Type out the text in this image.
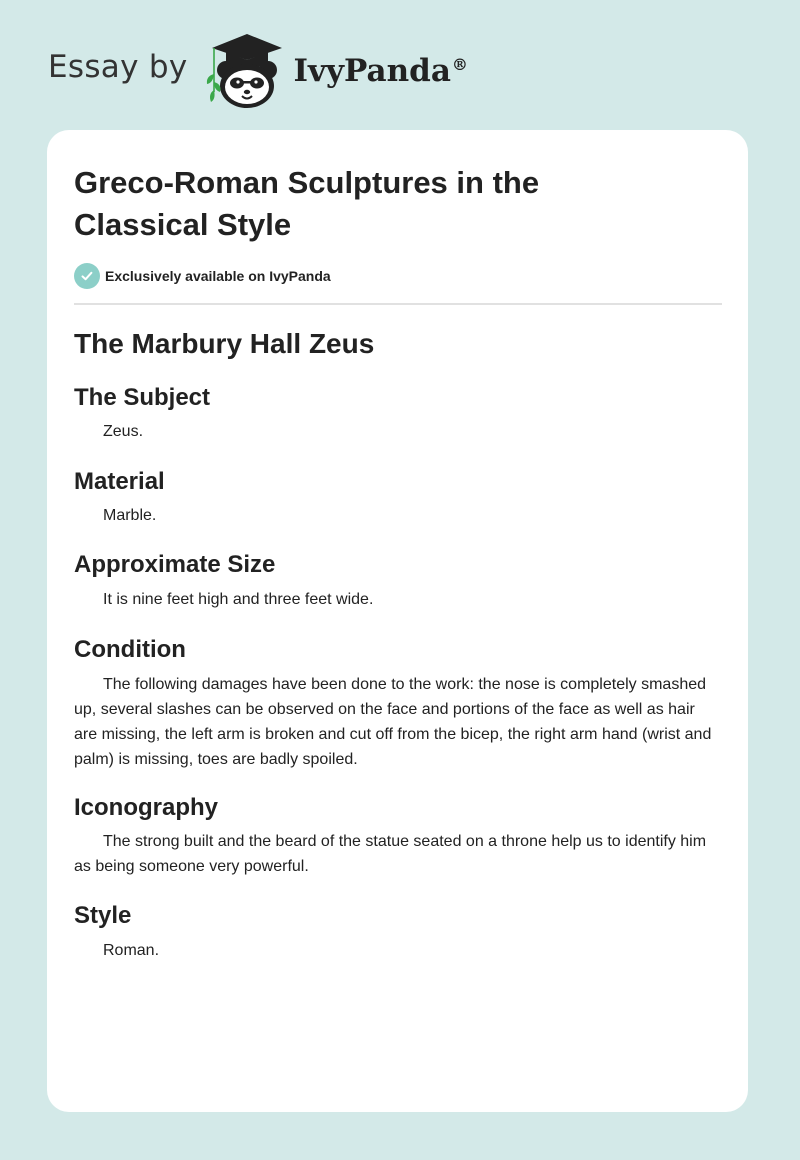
Essay by	IvyPanda®
Greco-Roman Sculptures in the Classical Style
Exclusively available on IvyPanda
The Marbury Hall Zeus
The Subject

Zeus.

Material

Marble.

Approximate Size

It is nine feet high and three feet wide.

Condition

The following damages have been done to the work: the nose is completely smashed up, several slashes can be observed on the face and portions of the face as well as hair are missing, the left arm is broken and cut off from the bicep, the right arm hand (wrist and palm) is missing, toes are badly spoiled.

Iconography

The strong built and the beard of the statue seated on a throne help us to identify him as being someone very powerful.

Style

Roman.
